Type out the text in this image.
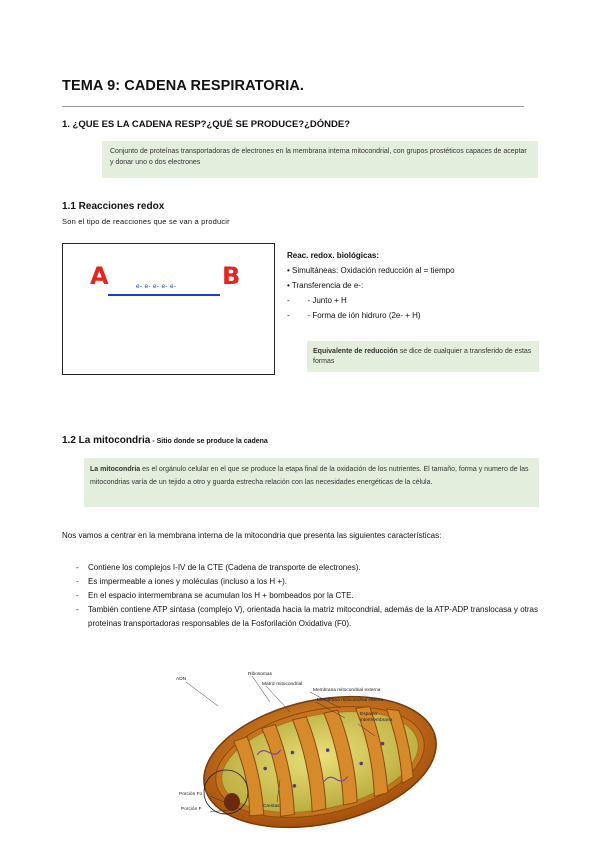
TEMA 9: CADENA RESPIRATORIA.
1. ¿QUE ES LA CADENA RESP?¿QUÉ SE PRODUCE?¿DÓNDE?

Conjunto de proteínas transportadoras de electrones en la membrana interna mitocondrial, con grupos prostéticos capaces de aceptar y donar uno o dos electrones

1.1 Reacciones redox
Son el tipo de reacciones que se van a producir
A	B
e- e- e- e- e-
Reac. redox. biológicas:
• Simultáneas: Oxidación reducción al = tiempo
• Transferencia de e-:
-        - Junto + H
-        - Forma de ión hidruro (2e- + H)

Equivalente de reducción se dice de cualquier a transferido de estas formas

1.2 La mitocondria - Sitio donde se produce la cadena

La mitocondria es el orgánulo celular en el que se produce la etapa final de la oxidación de los nutrientes. El tamaño, forma y numero de las mitocondrias varía de un tejido a otro y guarda estrecha relación con las necesidades energéticas de la célula.

Nos vamos a centrar en la membrana interna de la mitocondria que presenta las siguientes características:
-	Contiene los complejos I-IV de la CTE (Cadena de transporte de electrones).
-	Es impermeable a iones y moléculas (incluso a los H +).
-	En el espacio intermembrana se acumulan los H + bombeados por la CTE.
-	También contiene ATP sintasa (complejo V), orientada hacia la matriz mitocondrial, además de la ATP-ADP translocasa y otras proteínas transportadoras responsables de la Fosforilación Oxidativa (F0).
ADN
Ribosomas
Matriz mitocondrial
Membrana mitocondrial externa
Membrana mitocondrial interna
Espacio intermembrana
Porción Fo
Porción F
Crestas
